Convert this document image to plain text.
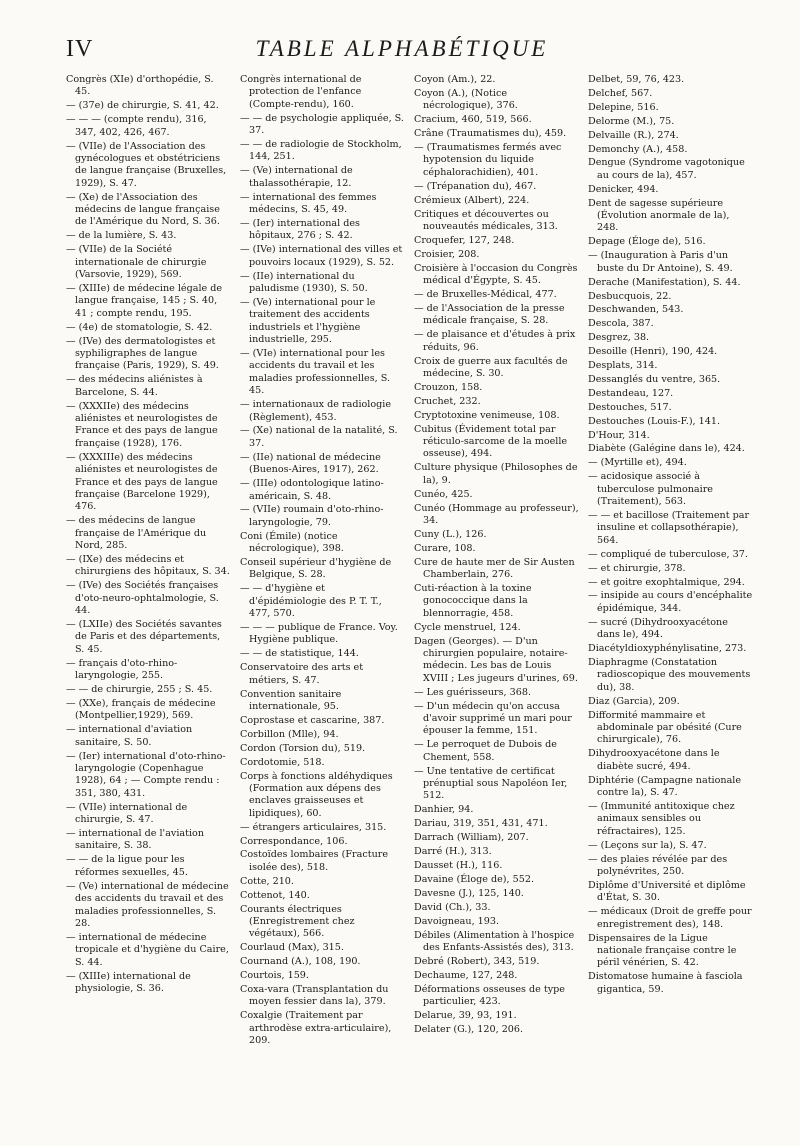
IV	TABLE ALPHABÉTIQUE
Congrès (XIe) d'orthopédie, S. 45.
— (37e) de chirurgie, S. 41, 42.
— — — (compte rendu), 316, 347, 402, 426, 467.
— (VIIe) de l'Association des gynécologues et obstétriciens de langue française (Bruxelles, 1929), S. 47.
— (Xe) de l'Association des médecins de langue française de l'Amérique du Nord, S. 36.
— de la lumière, S. 43.
— (VIIe) de la Société internationale de chirurgie (Varsovie, 1929), 569.
— (XIIIe) de médecine légale de langue française, 145 ; S. 40, 41 ; compte rendu, 195.
— (4e) de stomatologie, S. 42.
— (IVe) des dermatologistes et syphiligraphes de langue française (Paris, 1929), S. 49.
— des médecins aliénistes à Barcelone, S. 44.
— (XXXIIe) des médecins aliénistes et neurologistes de France et des pays de langue française (1928), 176.
— (XXXIIIe) des médecins aliénistes et neurologistes de France et des pays de langue française (Barcelone 1929), 476.
— des médecins de langue française de l'Amérique du Nord, 285.
— (IXe) des médecins et chirurgiens des hôpitaux, S. 34.
— (IVe) des Sociétés françaises d'oto-neuro-ophtalmologie, S. 44.
— (LXIIe) des Sociétés savantes de Paris et des départements, S. 45.
— français d'oto-rhino-laryngologie, 255.
— — de chirurgie, 255 ; S. 45.
— (XXe), français de médecine (Montpellier,1929), 569.
— international d'aviation sanitaire, S. 50.
— (Ier) international d'oto-rhino-laryngologie (Copenhague 1928), 64 ; — Compte rendu : 351, 380, 431.
— (VIIe) international de chirurgie, S. 47.
— international de l'aviation sanitaire, S. 38.
— — de la ligue pour les réformes sexuelles, 45.
— (Ve) international de médecine des accidents du travail et des maladies professionnelles, S. 28.
— international de médecine tropicale et d'hygiène du Caire, S. 44.
— (XIIIe) international de physiologie, S. 36.
Congrès international de protection de l'enfance (Compte-rendu), 160.
— — de psychologie appliquée, S. 37.
— — de radiologie de Stockholm, 144, 251.
— (Ve) international de thalassothérapie, 12.
— international des femmes médecins, S. 45, 49.
— (Ier) international des hôpitaux, 276 ; S. 42.
— (IVe) international des villes et pouvoirs locaux (1929), S. 52.
— (IIe) international du paludisme (1930), S. 50.
— (Ve) international pour le traitement des accidents industriels et l'hygiène industrielle, 295.
— (VIe) international pour les accidents du travail et les maladies professionnelles, S. 45.
— internationaux de radiologie (Règlement), 453.
— (Xe) national de la natalité, S. 37.
— (IIe) national de médecine (Buenos-Aires, 1917), 262.
— (IIIe) odontologique latino-américain, S. 48.
— (VIIe) roumain d'oto-rhino-laryngologie, 79.
Coni (Émile) (notice nécrologique), 398.
Conseil supérieur d'hygiène de Belgique, S. 28.
— — d'hygiène et d'épidémiologie des P. T. T., 477, 570.
— — — publique de France. Voy. Hygiène publique.
— — de statistique, 144.
Conservatoire des arts et métiers, S. 47.
Convention sanitaire internationale, 95.
Coprostase et cascarine, 387.
Corbillon (Mlle), 94.
Cordon (Torsion du), 519.
Cordotomie, 518.
Corps à fonctions aldéhydiques (Formation aux dépens des enclaves graisseuses et lipidiques), 60.
— étrangers articulaires, 315.
Correspondance, 106.
Costoïdes lombaires (Fracture isolée des), 518.
Cotte, 210.
Cottenot, 140.
Courants électriques (Enregistrement chez végétaux), 566.
Courlaud (Max), 315.
Cournand (A.), 108, 190.
Courtois, 159.
Coxa-vara (Transplantation du moyen fessier dans la), 379.
Coxalgie (Traitement par arthrodèse extra-articulaire), 209.
Coyon (Am.), 22.
Coyon (A.), (Notice nécrologique), 376.
Cracium, 460, 519, 566.
Crâne (Traumatismes du), 459.
— (Traumatismes fermés avec hypotension du liquide céphalorachidien), 401.
— (Trépanation du), 467.
Crémieux (Albert), 224.
Critiques et découvertes ou nouveautés médicales, 313.
Croquefer, 127, 248.
Croisier, 208.
Croisière à l'occasion du Congrès médical d'Égypte, S. 45.
— de Bruxelles-Médical, 477.
— de l'Association de la presse médicale française, S. 28.
— de plaisance et d'études à prix réduits, 96.
Croix de guerre aux facultés de médecine, S. 30.
Crouzon, 158.
Cruchet, 232.
Cryptotoxine venimeuse, 108.
Cubitus (Évidement total par réticulo-sarcome de la moelle osseuse), 494.
Culture physique (Philosophes de la), 9.
Cunéo, 425.
Cunéo (Hommage au professeur), 34.
Cuny (L.), 126.
Curare, 108.
Cure de haute mer de Sir Austen Chamberlain, 276.
Cuti-réaction à la toxine gonococcique dans la blennorragie, 458.
Cycle menstruel, 124.
Dagen (Georges). — D'un chirurgien populaire, notaire-médecin. Les bas de Louis XVIII ; Les jugeurs d'urines, 69.
— Les guérisseurs, 368.
— D'un médecin qu'on accusa d'avoir supprimé un mari pour épouser la femme, 151.
— Le perroquet de Dubois de Chement, 558.
— Une tentative de certificat prénuptial sous Napoléon Ier, 512.
Danhier, 94.
Dariau, 319, 351, 431, 471.
Darrach (William), 207.
Darré (H.), 313.
Dausset (H.), 116.
Davaine (Éloge de), 552.
Davesne (J.), 125, 140.
David (Ch.), 33.
Davoigneau, 193.
Débiles (Alimentation à l'hospice des Enfants-Assistés des), 313.
Debré (Robert), 343, 519.
Dechaume, 127, 248.
Déformations osseuses de type particulier, 423.
Delarue, 39, 93, 191.
Delater (G.), 120, 206.
Delbet, 59, 76, 423.
Delchef, 567.
Delepine, 516.
Delorme (M.), 75.
Delvaille (R.), 274.
Demonchy (A.), 458.
Dengue (Syndrome vagotonique au cours de la), 457.
Denicker, 494.
Dent de sagesse supérieure (Évolution anormale de la), 248.
Depage (Éloge de), 516.
— (Inauguration à Paris d'un buste du Dr Antoine), S. 49.
Derache (Manifestation), S. 44.
Desbucquois, 22.
Deschwanden, 543.
Descola, 387.
Desgrez, 38.
Desoille (Henri), 190, 424.
Desplats, 314.
Dessanglés du ventre, 365.
Destandeau, 127.
Destouches, 517.
Destouches (Louis-F.), 141.
D'Hour, 314.
Diabète (Galégine dans le), 424.
— (Myrtille et), 494.
— acidosique associé à tuberculose pulmonaire (Traitement), 563.
— — et bacillose (Traitement par insuline et collapsothérapie), 564.
— compliqué de tuberculose, 37.
— et chirurgie, 378.
— et goitre exophtalmique, 294.
— insipide au cours d'encéphalite épidémique, 344.
— sucré (Dihydrooxyacétone dans le), 494.
Diacétyldioxyphénylisatine, 273.
Diaphragme (Constatation radioscopique des mouvements du), 38.
Diaz (Garcia), 209.
Difformité mammaire et abdominale par obésité (Cure chirurgicale), 76.
Dihydrooxyacétone dans le diabète sucré, 494.
Diphtérie (Campagne nationale contre la), S. 47.
— (Immunité antitoxique chez animaux sensibles ou réfractaires), 125.
— (Leçons sur la), S. 47.
— des plaies révélée par des polynévrites, 250.
Diplôme d'Université et diplôme d'État, S. 30.
— médicaux (Droit de greffe pour enregistrement des), 148.
Dispensaires de la Ligue nationale française contre le péril vénérien, S. 42.
Distomatose humaine à fasciola gigantica, 59.
